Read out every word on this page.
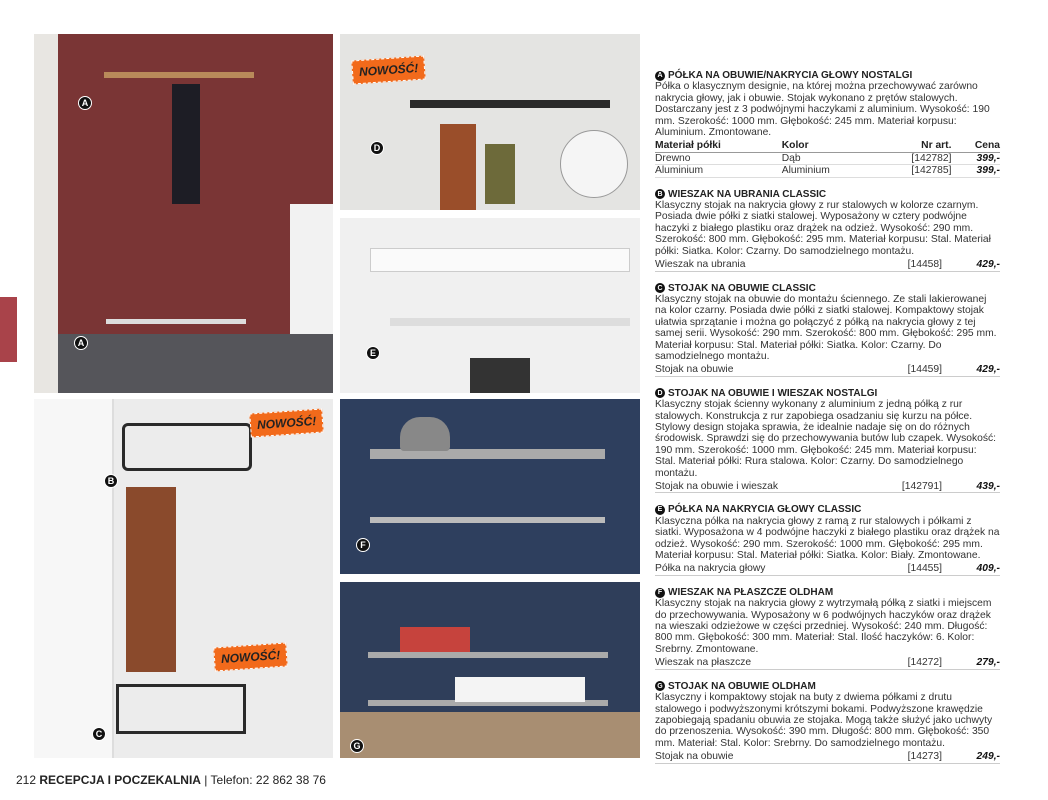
A
A
NOWOŚĆ!
D
E
NOWOŚĆ!
NOWOŚĆ!
B
C
F
G
A PÓŁKA NA OBUWIE/NAKRYCIA GŁOWY NOSTALGI

Półka o klasycznym designie, na której można przechowywać zarówno nakrycia głowy, jak i obuwie. Stojak wykonano z prętów stalowych. Dostarczany jest z 3 podwójnymi haczykami z aluminium. Wysokość: 190 mm. Szerokość: 1000 mm. Głębokość: 245 mm. Materiał korpusu: Aluminium. Zmontowane.

Materiał półki	Kolor	Nr art.	Cena
Drewno	Dąb	[142782]	399,-
Aluminium	Aluminium	[142785]	399,-
B WIESZAK NA UBRANIA CLASSIC

Klasyczny stojak na nakrycia głowy z rur stalowych w kolorze czarnym. Posiada dwie półki z siatki stalowej. Wyposażony w cztery podwójne haczyki z białego plastiku oraz drążek na odzież. Wysokość: 290 mm. Szerokość: 800 mm. Głębokość: 295 mm. Materiał korpusu: Stal. Materiał półki: Siatka. Kolor: Czarny. Do samodzielnego montażu.

Wieszak na ubrania	[14458]	429,-
C STOJAK NA OBUWIE CLASSIC

Klasyczny stojak na obuwie do montażu ściennego. Ze stali lakierowanej na kolor czarny. Posiada dwie półki z siatki stalowej. Kompaktowy stojak ułatwia sprzątanie i można go połączyć z półką na nakrycia głowy z tej samej serii. Wysokość: 290 mm. Szerokość: 800 mm. Głębokość: 295 mm. Materiał korpusu: Stal. Materiał półki: Siatka. Kolor: Czarny. Do samodzielnego montażu.

Stojak na obuwie	[14459]	429,-
D STOJAK NA OBUWIE I WIESZAK NOSTALGI

Klasyczny stojak ścienny wykonany z aluminium z jedną półką z rur stalowych. Konstrukcja z rur zapobiega osadzaniu się kurzu na półce. Stylowy design stojaka sprawia, że idealnie nadaje się on do różnych środowisk. Sprawdzi się do przechowywania butów lub czapek. Wysokość: 190 mm. Szerokość: 1000 mm. Głębokość: 245 mm. Materiał korpusu: Stal. Materiał półki: Rura stalowa. Kolor: Czarny. Do samodzielnego montażu.

Stojak na obuwie i wieszak	[142791]	439,-
E PÓŁKA NA NAKRYCIA GŁOWY CLASSIC

Klasyczna półka na nakrycia głowy z ramą z rur stalowych i półkami z siatki. Wyposażona w 4 podwójne haczyki z białego plastiku oraz drążek na odzież. Wysokość: 290 mm. Szerokość: 1000 mm. Głębokość: 295 mm. Materiał korpusu: Stal. Materiał półki: Siatka. Kolor: Biały. Zmontowane.

Półka na nakrycia głowy	[14455]	409,-
F WIESZAK NA PŁASZCZE OLDHAM

Klasyczny stojak na nakrycia głowy z wytrzymałą półką z siatki i miejscem do przechowywania. Wyposażony w 6 podwójnych haczyków oraz drążek na wieszaki odzieżowe w części przedniej. Wysokość: 240 mm. Długość: 800 mm. Głębokość: 300 mm. Materiał: Stal. Ilość haczyków: 6. Kolor: Srebrny. Zmontowane.

Wieszak na płaszcze	[14272]	279,-
G STOJAK NA OBUWIE OLDHAM

Klasyczny i kompaktowy stojak na buty z dwiema półkami z drutu stalowego i podwyższonymi krótszymi bokami. Podwyższone krawędzie zapobiegają spadaniu obuwia ze stojaka. Mogą także służyć jako uchwyty do przenoszenia. Wysokość: 390 mm. Długość: 800 mm. Głębokość: 350 mm. Materiał: Stal. Kolor: Srebrny. Do samodzielnego montażu.

Stojak na obuwie	[14273]	249,-
212 RECEPCJA I POCZEKALNIA | Telefon: 22 862 38 76
